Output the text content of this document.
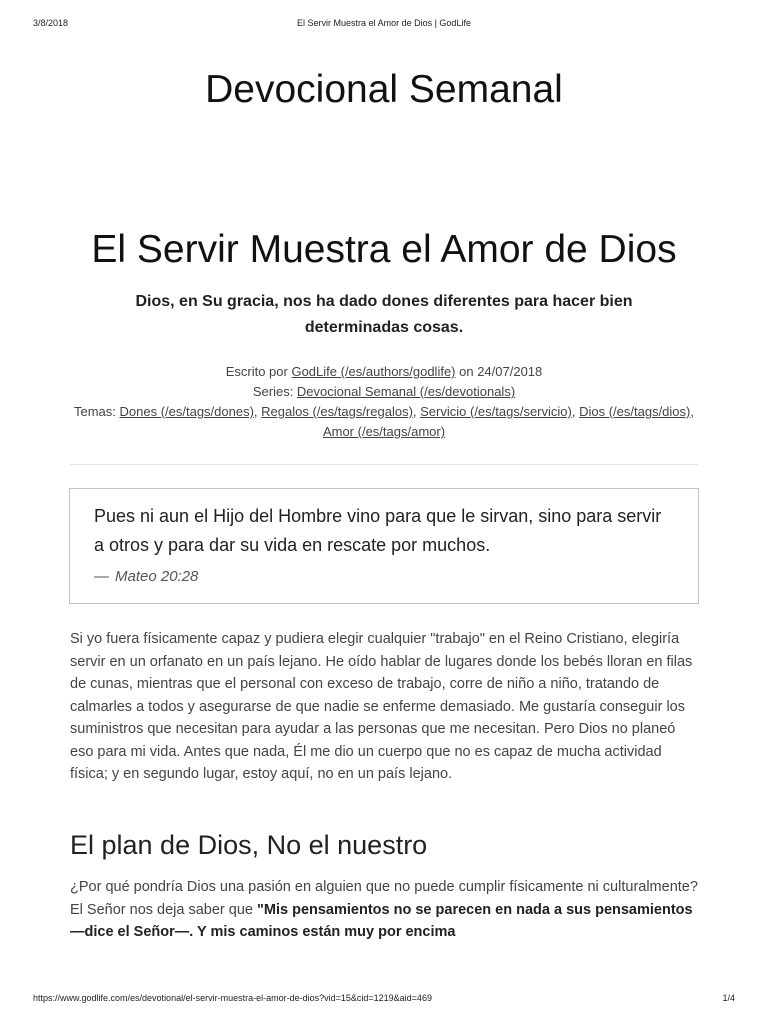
3/8/2018	El Servir Muestra el Amor de Dios | GodLife
Devocional Semanal
El Servir Muestra el Amor de Dios

Dios, en Su gracia, nos ha dado dones diferentes para hacer bien determinadas cosas.

Escrito por GodLife (/es/authors/godlife) on 24/07/2018
Series: Devocional Semanal (/es/devotionals)
Temas: Dones (/es/tags/dones), Regalos (/es/tags/regalos), Servicio (/es/tags/servicio), Dios (/es/tags/dios), Amor (/es/tags/amor)

Pues ni aun el Hijo del Hombre vino para que le sirvan, sino para servir a otros y para dar su vida en rescate por muchos.

— Mateo 20:28

Si yo fuera físicamente capaz y pudiera elegir cualquier "trabajo" en el Reino Cristiano, elegiría servir en un orfanato en un país lejano. He oído hablar de lugares donde los bebés lloran en filas de cunas, mientras que el personal con exceso de trabajo, corre de niño a niño, tratando de calmarles a todos y asegurarse de que nadie se enferme demasiado. Me gustaría conseguir los suministros que necesitan para ayudar a las personas que me necesitan. Pero Dios no planeó eso para mi vida. Antes que nada, Él me dio un cuerpo que no es capaz de mucha actividad física; y en segundo lugar, estoy aquí, no en un país lejano.

El plan de Dios, No el nuestro

¿Por qué pondría Dios una pasión en alguien que no puede cumplir físicamente ni culturalmente? El Señor nos deja saber que "Mis pensamientos no se parecen en nada a sus pensamientos —dice el Señor—. Y mis caminos están muy por encima

https://www.godlife.com/es/devotional/el-servir-muestra-el-amor-de-dios?vid=15&cid=1219&aid=469	1/4
